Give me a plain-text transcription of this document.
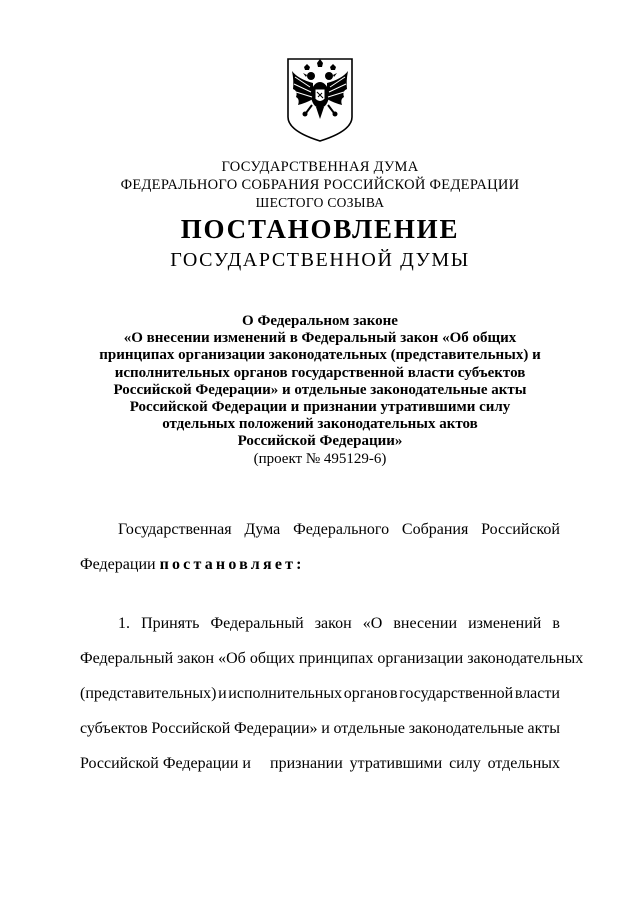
ГОСУДАРСТВЕННАЯ ДУМА
ФЕДЕРАЛЬНОГО СОБРАНИЯ РОССИЙСКОЙ ФЕДЕРАЦИИ
ШЕСТОГО СОЗЫВА
ПОСТАНОВЛЕНИЕ
ГОСУДАРСТВЕННОЙ ДУМЫ
О Федеральном законе
«О внесении изменений в Федеральный закон «Об общих
принципах организации законодательных (представительных) и
исполнительных органов государственной власти субъектов
Российской Федерации» и отдельные законодательные акты
Российской Федерации и признании утратившими силу
отдельных положений законодательных актов
Российской Федерации»
(проект № 495129-6)
Государственная Дума Федерального Собрания Российской
Федерации постановляет:
1. Принять Федеральный закон «О внесении изменений в
Федеральный закон «Об общих принципах организации законодательных
(представительных) и исполнительных органов государственной власти
субъектов Российской Федерации» и отдельные законодательные акты
Российской Федерации и признании утратившими силу отдельных
